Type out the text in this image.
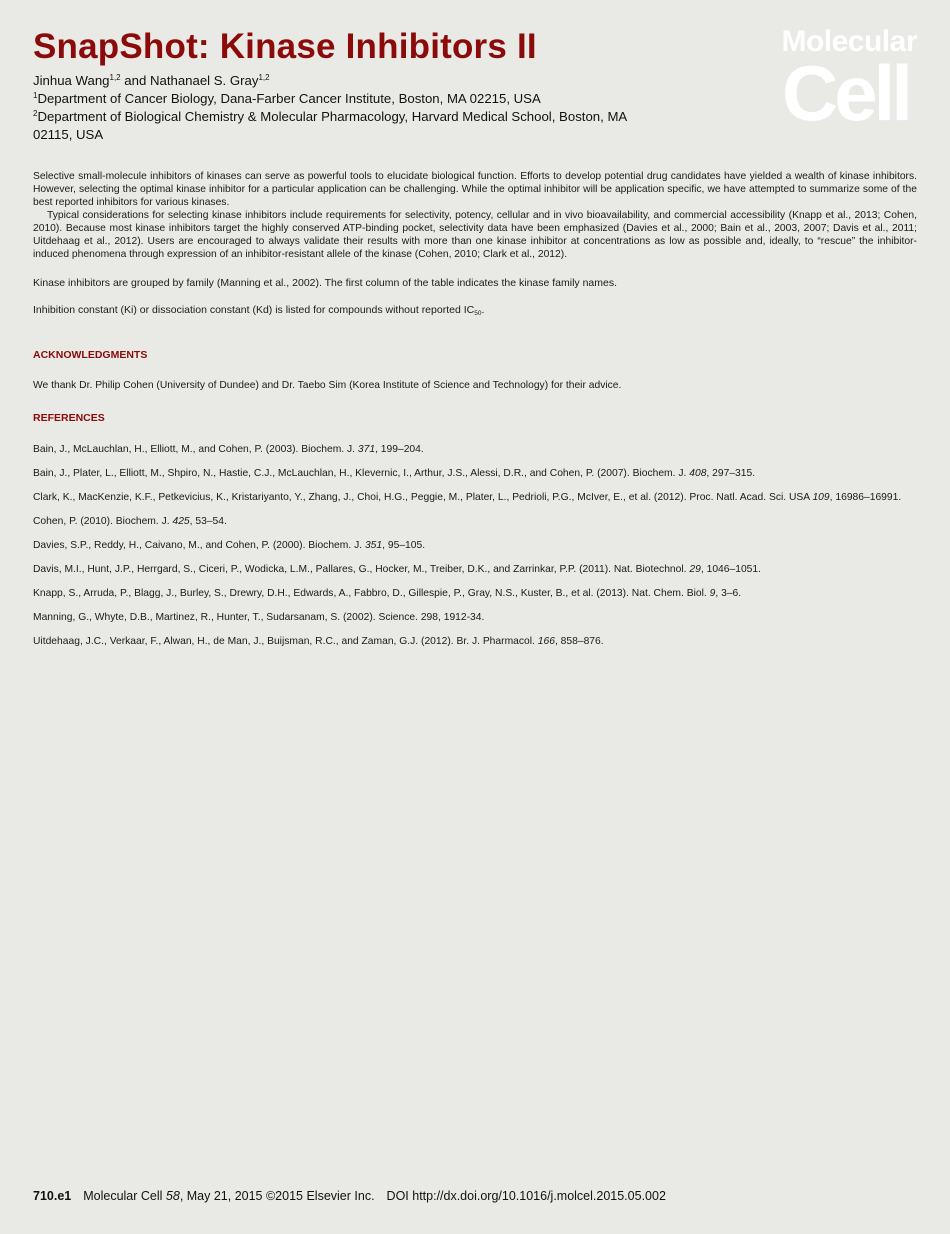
SnapShot: Kinase Inhibitors II	Molecular
Cell
Jinhua Wang$^{1,2}$ and Nathanael S. Gray$^{1,2}$
$^1$Department of Cancer Biology, Dana-Farber Cancer Institute, Boston, MA 02215, USA
$^2$Department of Biological Chemistry & Molecular Pharmacology, Harvard Medical School, Boston, MA 02115, USA

Selective small-molecule inhibitors of kinases can serve as powerful tools to elucidate biological function. Efforts to develop potential drug candidates have yielded a wealth of kinase inhibitors. However, selecting the optimal kinase inhibitor for a particular application can be challenging. While the optimal inhibitor will be application specific, we have attempted to summarize some of the best reported inhibitors for various kinases.

Typical considerations for selecting kinase inhibitors include requirements for selectivity, potency, cellular and in vivo bioavailability, and commercial accessibility (Knapp et al., 2013; Cohen, 2010). Because most kinase inhibitors target the highly conserved ATP-binding pocket, selectivity data have been emphasized (Davies et al., 2000; Bain et al., 2003, 2007; Davis et al., 2011; Uitdehaag et al., 2012). Users are encouraged to always validate their results with more than one kinase inhibitor at concentrations as low as possible and, ideally, to “rescue” the inhibitor-induced phenomena through expression of an inhibitor-resistant allele of the kinase (Cohen, 2010; Clark et al., 2012).

Kinase inhibitors are grouped by family (Manning et al., 2002). The first column of the table indicates the kinase family names.
Inhibition constant (Ki) or dissociation constant (Kd) is listed for compounds without reported $IC_{50}$.
ACKNOWLEDGMENTS
We thank Dr. Philip Cohen (University of Dundee) and Dr. Taebo Sim (Korea Institute of Science and Technology) for their advice.
REFERENCES
Bain, J., McLauchlan, H., Elliott, M., and Cohen, P. (2003). Biochem. J. 371, 199–204.
Bain, J., Plater, L., Elliott, M., Shpiro, N., Hastie, C.J., McLauchlan, H., Klevernic, I., Arthur, J.S., Alessi, D.R., and Cohen, P. (2007). Biochem. J. 408, 297–315.
Clark, K., MacKenzie, K.F., Petkevicius, K., Kristariyanto, Y., Zhang, J., Choi, H.G., Peggie, M., Plater, L., Pedrioli, P.G., McIver, E., et al. (2012). Proc. Natl. Acad. Sci. USA 109, 16986–16991.
Cohen, P. (2010). Biochem. J. 425, 53–54.
Davies, S.P., Reddy, H., Caivano, M., and Cohen, P. (2000). Biochem. J. 351, 95–105.
Davis, M.I., Hunt, J.P., Herrgard, S., Ciceri, P., Wodicka, L.M., Pallares, G., Hocker, M., Treiber, D.K., and Zarrinkar, P.P. (2011). Nat. Biotechnol. 29, 1046–1051.
Knapp, S., Arruda, P., Blagg, J., Burley, S., Drewry, D.H., Edwards, A., Fabbro, D., Gillespie, P., Gray, N.S., Kuster, B., et al. (2013). Nat. Chem. Biol. 9, 3–6.
Manning, G., Whyte, D.B., Martinez, R., Hunter, T., Sudarsanam, S. (2002). Science. 298, 1912-34.
Uitdehaag, J.C., Verkaar, F., Alwan, H., de Man, J., Buijsman, R.C., and Zaman, G.J. (2012). Br. J. Pharmacol. 166, 858–876.
710.e1 Molecular Cell 58, May 21, 2015 ©2015 Elsevier Inc. DOI http://dx.doi.org/10.1016/j.molcel.2015.05.002
